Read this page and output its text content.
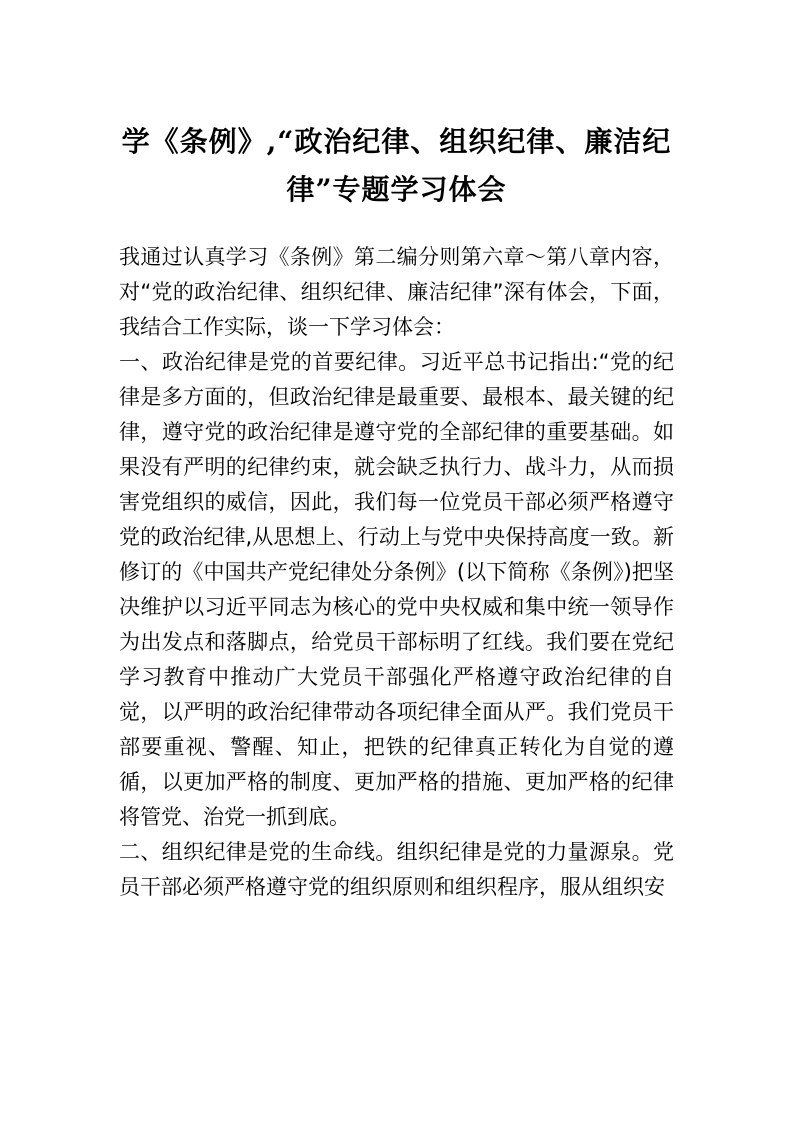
学《条例》,“政治纪律、组织纪律、廉洁纪律”专题学习体会

我通过认真学习《条例》第二编分则第六章～第八章内容，对“党的政治纪律、组织纪律、廉洁纪律”深有体会，下面，我结合工作实际，谈一下学习体会：

一、政治纪律是党的首要纪律。习近平总书记指出:“党的纪律是多方面的，但政治纪律是最重要、最根本、最关键的纪律，遵守党的政治纪律是遵守党的全部纪律的重要基础。如果没有严明的纪律约束，就会缺乏执行力、战斗力，从而损害党组织的威信，因此，我们每一位党员干部必须严格遵守党的政治纪律,从思想上、行动上与党中央保持高度一致。新修订的《中国共产党纪律处分条例》(以下简称《条例》)把坚决维护以习近平同志为核心的党中央权威和集中统一领导作为出发点和落脚点，给党员干部标明了红线。我们要在党纪学习教育中推动广大党员干部强化严格遵守政治纪律的自觉，以严明的政治纪律带动各项纪律全面从严。我们党员干部要重视、警醒、知止，把铁的纪律真正转化为自觉的遵循，以更加严格的制度、更加严格的措施、更加严格的纪律将管党、治党一抓到底。

二、组织纪律是党的生命线。组织纪律是党的力量源泉。党员干部必须严格遵守党的组织原则和组织程序，服从组织安
